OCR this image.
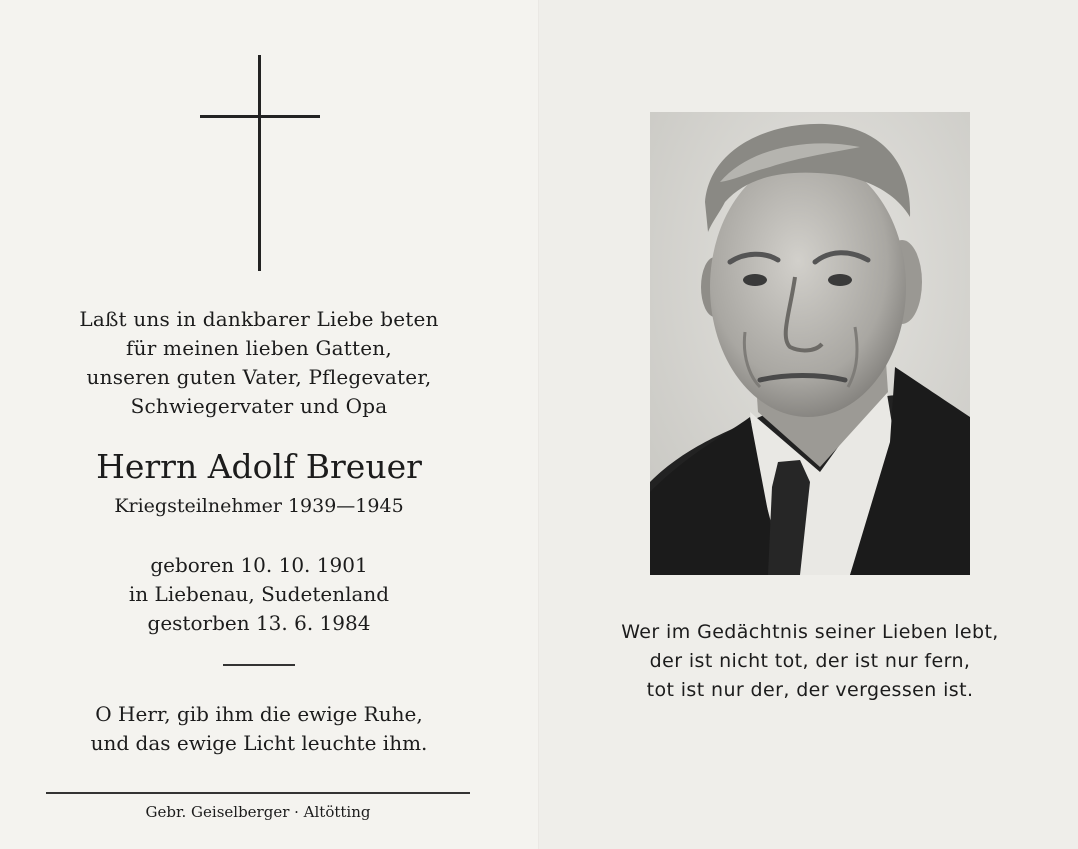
Laßt uns in dankbarer Liebe beten
für meinen lieben Gatten,
unseren guten Vater, Pflegevater,
Schwiegervater und Opa
Herrn Adolf Breuer
Kriegsteilnehmer 1939—1945
geboren 10. 10. 1901
in Liebenau, Sudetenland
gestorben 13. 6. 1984
O Herr, gib ihm die ewige Ruhe,
und das ewige Licht leuchte ihm.
Gebr. Geiselberger · Altötting
Wer im Gedächtnis seiner Lieben lebt,
der ist nicht tot, der ist nur fern,
tot ist nur der, der vergessen ist.
